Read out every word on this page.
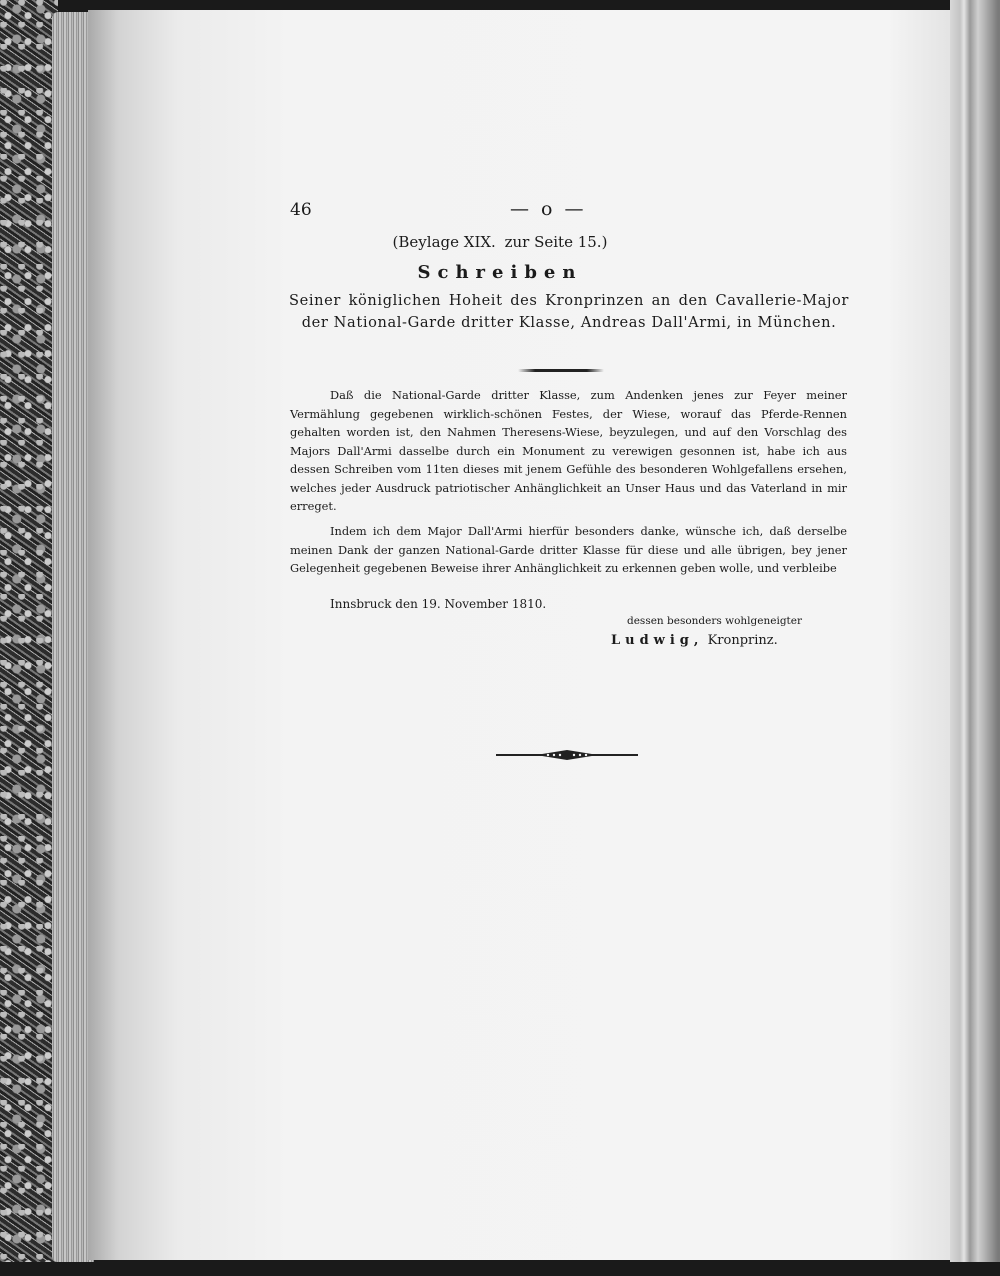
46	— o —
(Beylage XIX. zur Seite 15.)
Schreiben
Seiner königlichen Hoheit des Kronprinzen an den Cavallerie-Major der National-Garde dritter Klasse, Andreas Dall'Armi, in München.

Daß die National-Garde dritter Klasse, zum Andenken jenes zur Feyer meiner Vermählung gegebenen wirklich-schönen Festes, der Wiese, worauf das Pferde-Rennen gehalten worden ist, den Nahmen Theresens-Wiese, beyzulegen, und auf den Vorschlag des Majors Dall'Armi dasselbe durch ein Monument zu verewigen gesonnen ist, habe ich aus dessen Schreiben vom 11ten dieses mit jenem Gefühle des besonderen Wohlgefallens ersehen, welches jeder Ausdruck patriotischer Anhänglichkeit an Unser Haus und das Vaterland in mir erreget.

Indem ich dem Major Dall'Armi hierfür besonders danke, wünsche ich, daß derselbe meinen Dank der ganzen National-Garde dritter Klasse für diese und alle übrigen, bey jener Gelegenheit gegebenen Beweise ihrer Anhänglichkeit zu erkennen geben wolle, und verbleibe

Innsbruck den 19. November 1810.
dessen besonders wohlgeneigter
Ludwig, Kronprinz.
